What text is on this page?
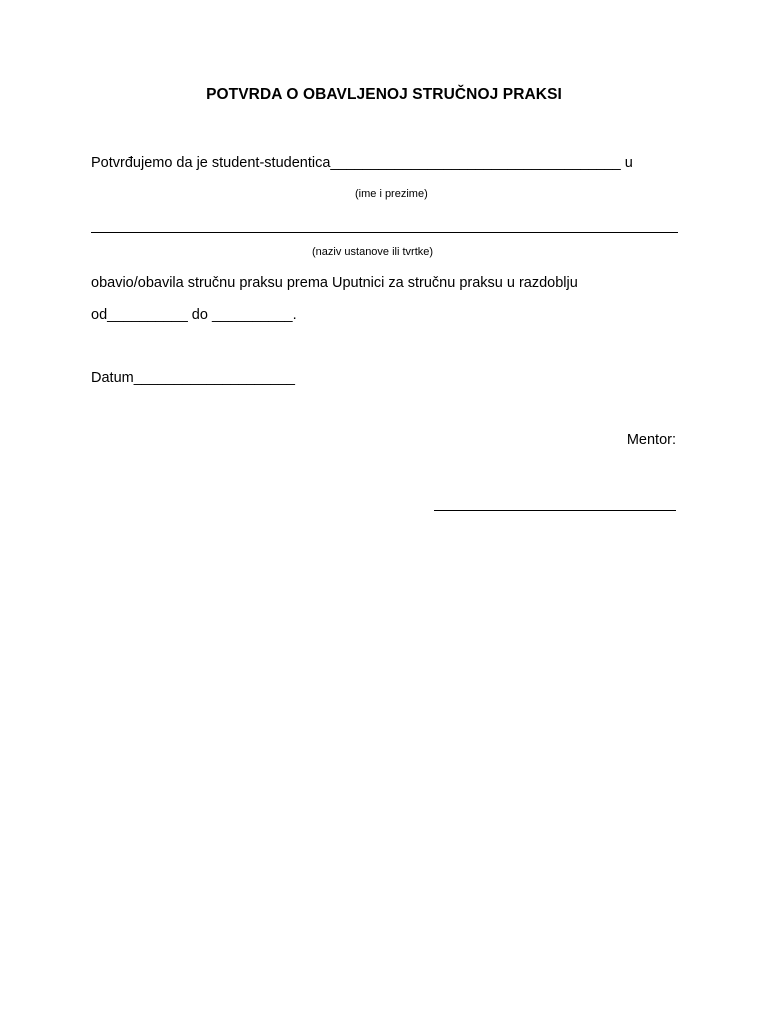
POTVRDA O OBAVLJENOJ STRUČNOJ PRAKSI
Potvrđujemo da je student-studentica____________________________________ u
(ime i prezime)
(naziv ustanove ili tvrtke)
obavio/obavila stručnu praksu prema Uputnici za stručnu praksu u razdoblju
od__________ do __________.
Datum____________________
Mentor:
